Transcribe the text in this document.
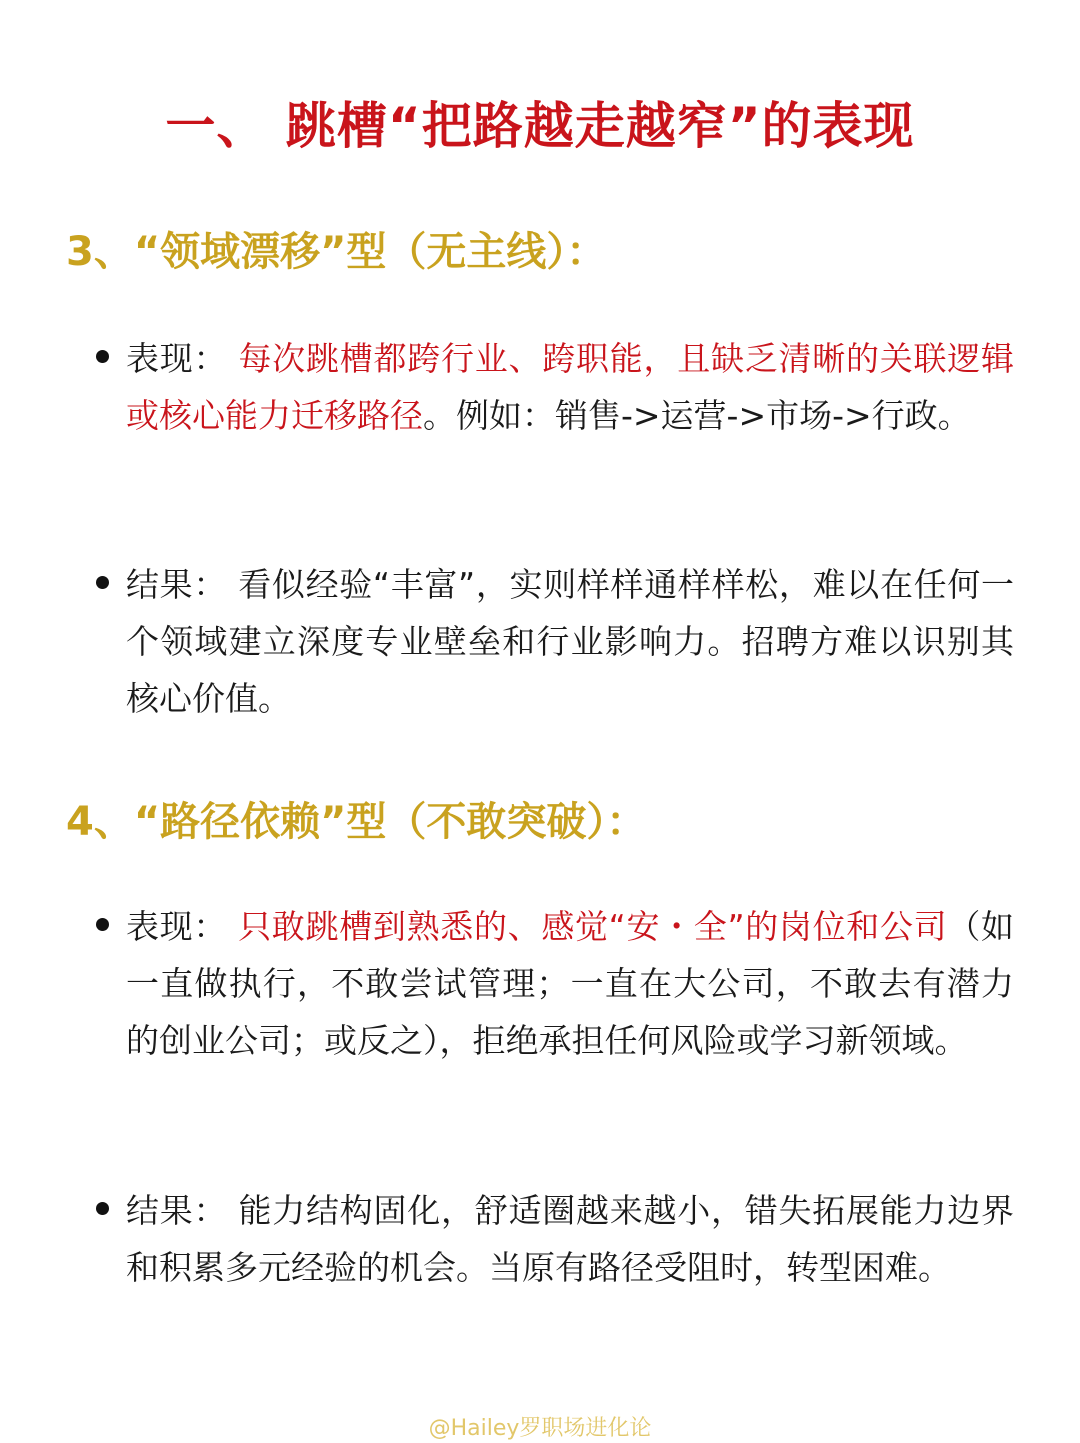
一、 跳槽“把路越走越窄”的表现
3、“领域漂移”型（无主线）：
表现： 每次跳槽都跨行业、跨职能，且缺乏清晰的关联逻辑或核心能力迁移路径。例如：销售->运营->市场->行政。
结果： 看似经验“丰富”，实则样样通样样松，难以在任何一个领域建立深度专业壁垒和行业影响力。招聘方难以识别其核心价值。
4、“路径依赖”型（不敢突破）：
表现： 只敢跳槽到熟悉的、感觉“安・全”的岗位和公司（如一直做执行，不敢尝试管理；一直在大公司，不敢去有潜力的创业公司；或反之），拒绝承担任何风险或学习新领域。
结果： 能力结构固化，舒适圈越来越小，错失拓展能力边界和积累多元经验的机会。当原有路径受阻时，转型困难。
@Hailey罗职场进化论
